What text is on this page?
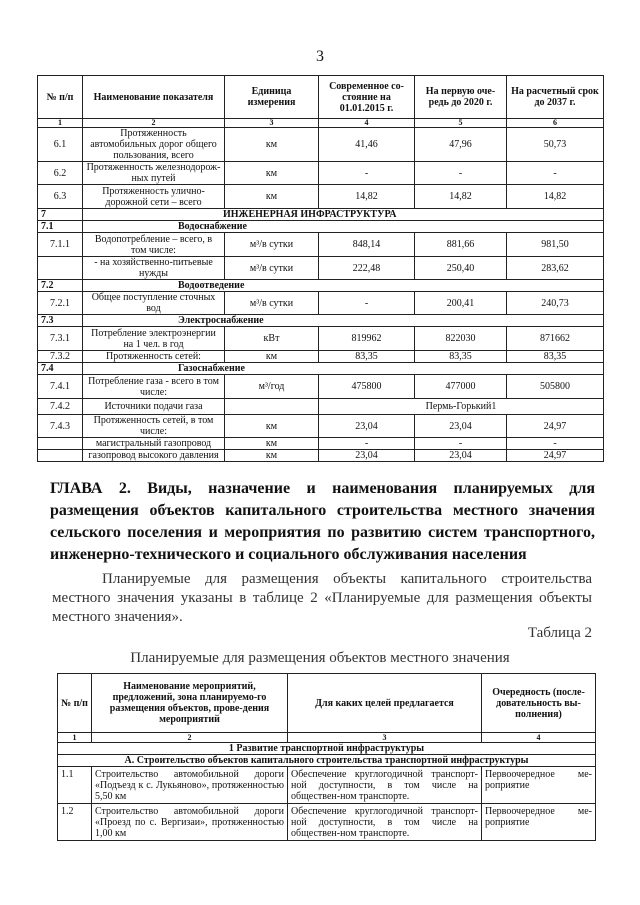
3
№ п/п	Наименование показателя	Единица измерения	Современное со-стояние на 01.01.2015 г.	На первую оче-редь до 2020 г.	На расчетный срок до 2037 г.
1	2	3	4	5	6
6.1	Протяженность автомобильных дорог общего пользования, всего	км	41,46	47,96	50,73
6.2	Протяженность железнодорож-ных путей	км	-	-	-
6.3	Протяженность улично-дорожной сети – всего	км	14,82	14,82	14,82
7	ИНЖЕНЕРНАЯ ИНФРАСТРУКТУРА				
7.1	Водоснабжение				
7.1.1	Водопотребление – всего, в том числе:	м³/в сутки	848,14	881,66	981,50
	- на хозяйственно-питьевые нужды	м³/в сутки	222,48	250,40	283,62
7.2	Водоотведение				
7.2.1	Общее поступление сточных вод	м³/в сутки	-	200,41	240,73
7.3	Электроснабжение				
7.3.1	Потребление электроэнергии на 1 чел. в год	кВт	819962	822030	871662
7.3.2	Протяженность сетей:	км	83,35	83,35	83,35
7.4	Газоснабжение				
7.4.1	Потребление газа - всего в том числе:	м³/год	475800	477000	505800
7.4.2	Источники подачи газа		Пермь-Горький1		
7.4.3	Протяженность сетей, в том числе:	км	23,04	23,04	24,97
	магистральный газопровод	км	-	-	-
	газопровод высокого давления	км	23,04	23,04	24,97
ГЛАВА 2. Виды, назначение и наименования планируемых для размещения объектов капитального строительства местного значения сельского поселения и мероприятия по развитию систем транспортного, инженерно-технического и социального обслуживания населения
Планируемые для размещения объекты капитального строительства местного значения указаны в таблице 2 «Планируемые для размещения объекты местного значения».
Таблица 2
Планируемые для размещения объектов местного значения
№ п/п	Наименование мероприятий, предложений, зона планируемо-го размещения объектов, прове-дения мероприятий	Для каких целей предлагается	Очередность (после-довательность вы-полнения)
1	2	3	4
1 Развитие транспортной инфраструктуры			
А. Строительство объектов капитального строительства транспортной инфраструктуры			
1.1	Строительство автомобильной дороги «Подъезд к с. Лукьяново», протяженностью 5,50 км	Обеспечение круглогодичной транспорт-ной доступности, в том числе на обществен-ном транспорте.	Первоочередное ме-роприятие
1.2	Строительство автомобильной дороги «Проезд по с. Вергизаи», протяженностью 1,00 км	Обеспечение круглогодичной транспорт-ной доступности, в том числе на обществен-ном транспорте.	Первоочередное ме-роприятие
